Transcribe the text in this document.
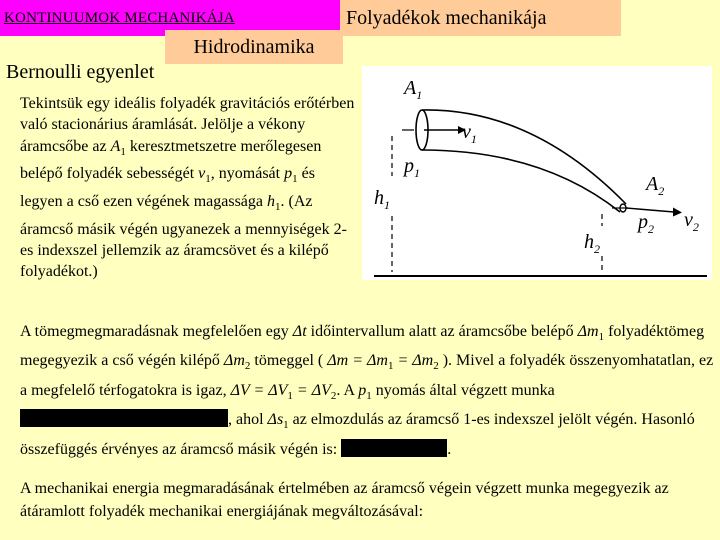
KONTINUUMOK MECHANIKÁJA	Folyadékok mechanikája
Hidrodinamika
Bernoulli egyenlet
Tekintsük egy ideális folyadék gravitációs erőtérben való stacionárius áramlását. Jelölje a vékony áramcsőbe az $A_1$ keresztmetszetre merőlegesen belépő folyadék sebességét $v_1$, nyomását $p_1$ és legyen a cső ezen végének magassága $h_1$. (Az áramcső másik végén ugyanezek a mennyiségek 2-es indexszel jellemzik az áramcsövet és a kilépő folyadékot.)
$A_1$
$v_1$
$p_1$
$h_1$
$A_2$
$p_2$ $v_2$
$h_2$
A tömegmegmaradásnak megfelelően egy Δt időintervallum alatt az áramcsőbe belépő $\Delta m_1$ folyadéktömeg megegyezik a cső végén kilépő $\Delta m_2$ tömeggel ( $\Delta m = \Delta m_1 = \Delta m_2$ ). Mivel a folyadék összenyomhatatlan, ez a megfelelő térfogatokra is igaz, $\Delta V = \Delta V_1 = \Delta V_2$. A $p_1$ nyomás által végzett munka , ahol $\Delta s_1$ az elmozdulás az áramcső 1-es indexszel jelölt végén. Hasonló összefüggés érvényes az áramcső másik végén is:	.
A mechanikai energia megmaradásának értelmében az áramcső végein végzett munka megegyezik az átáramlott folyadék mechanikai energiájának megváltozásával:
